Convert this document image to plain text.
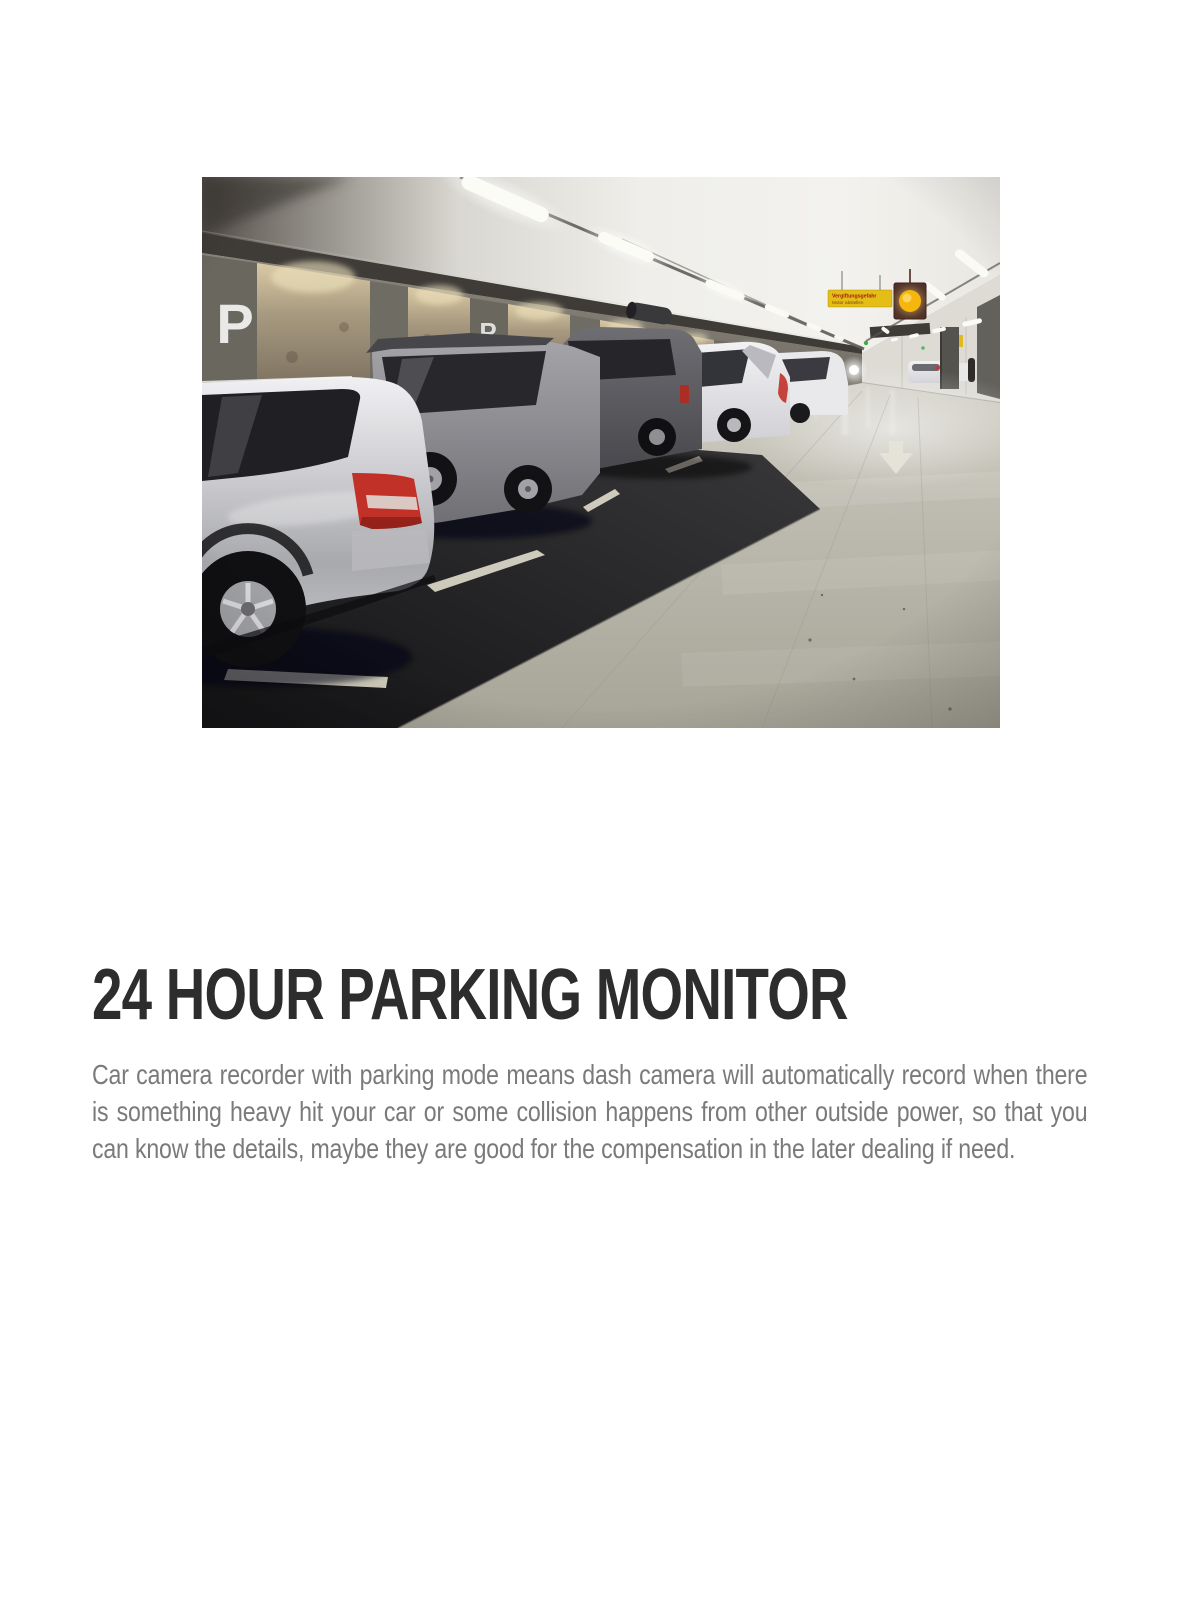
24 HOUR PARKING MONITOR

Car camera recorder with parking mode means dash camera will automatically record when there is something heavy hit your car or some collision happens from other outside power, so that you can know the details, maybe they are good for the compensation in the later dealing if need.
